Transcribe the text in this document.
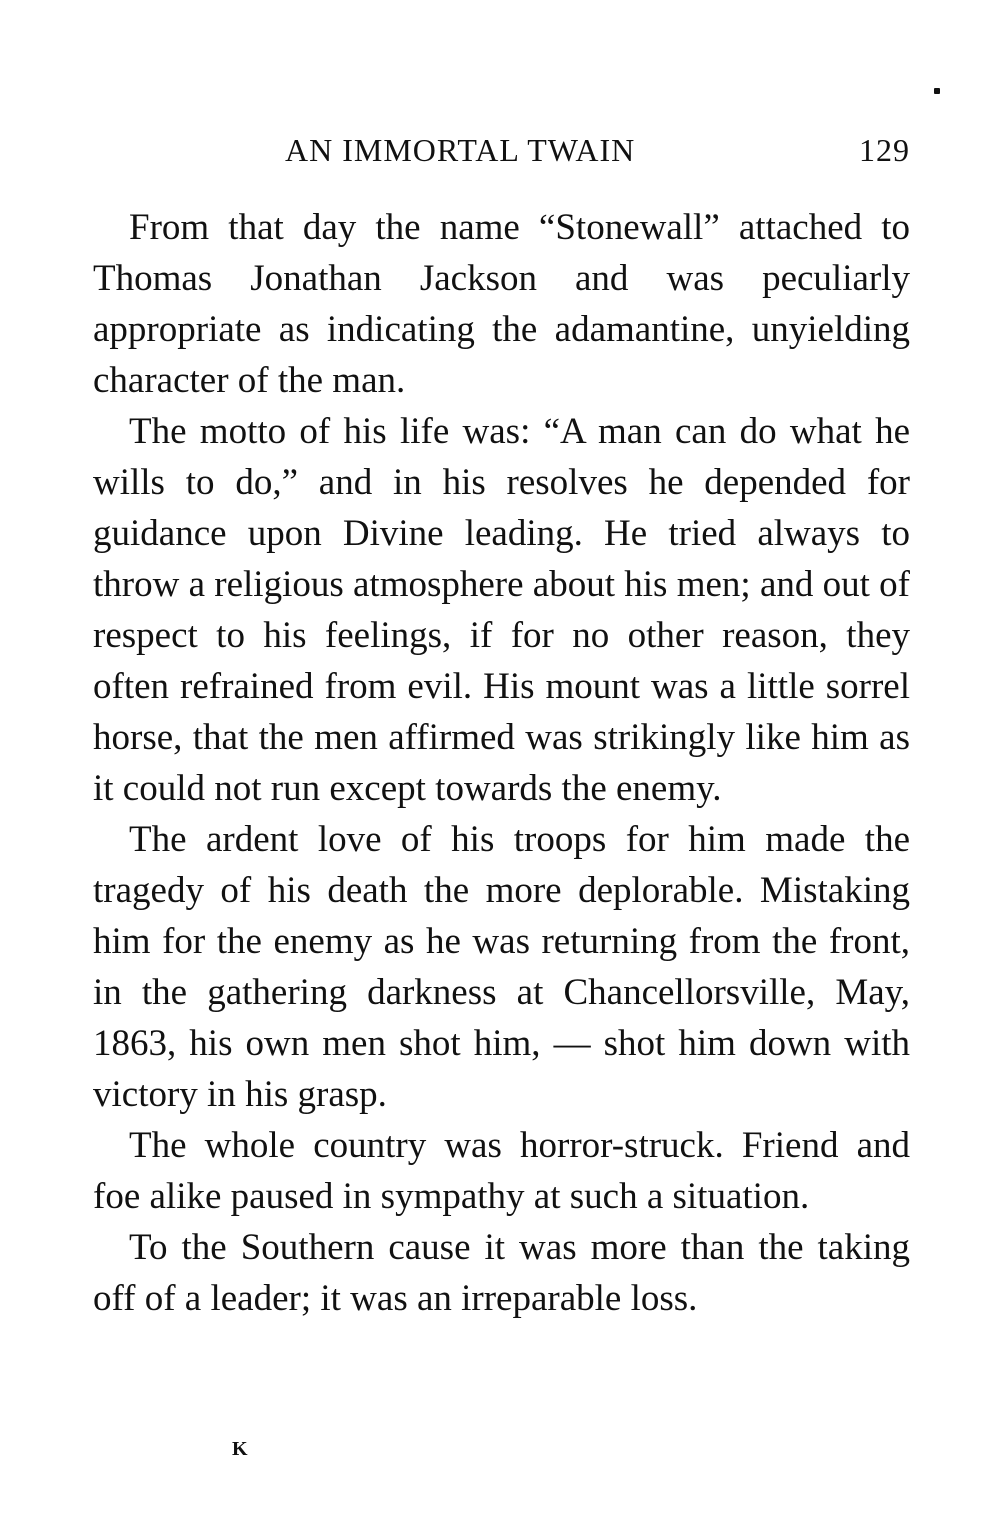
AN IMMORTAL TWAIN	129

From that day the name “Stonewall” attached to Thomas Jonathan Jackson and was peculiarly appropriate as indicating the adamantine, unyielding character of the man.

The motto of his life was: “A man can do what he wills to do,” and in his resolves he depended for guidance upon Divine leading. He tried always to throw a religious atmosphere about his men; and out of respect to his feelings, if for no other reason, they often refrained from evil. His mount was a little sorrel horse, that the men affirmed was strikingly like him as it could not run except towards the enemy.

The ardent love of his troops for him made the tragedy of his death the more deplorable. Mistaking him for the enemy as he was returning from the front, in the gathering darkness at Chancellorsville, May, 1863, his own men shot him, — shot him down with victory in his grasp.

The whole country was horror-struck. Friend and foe alike paused in sympathy at such a situation.

To the Southern cause it was more than the taking off of a leader; it was an irreparable loss.

K
